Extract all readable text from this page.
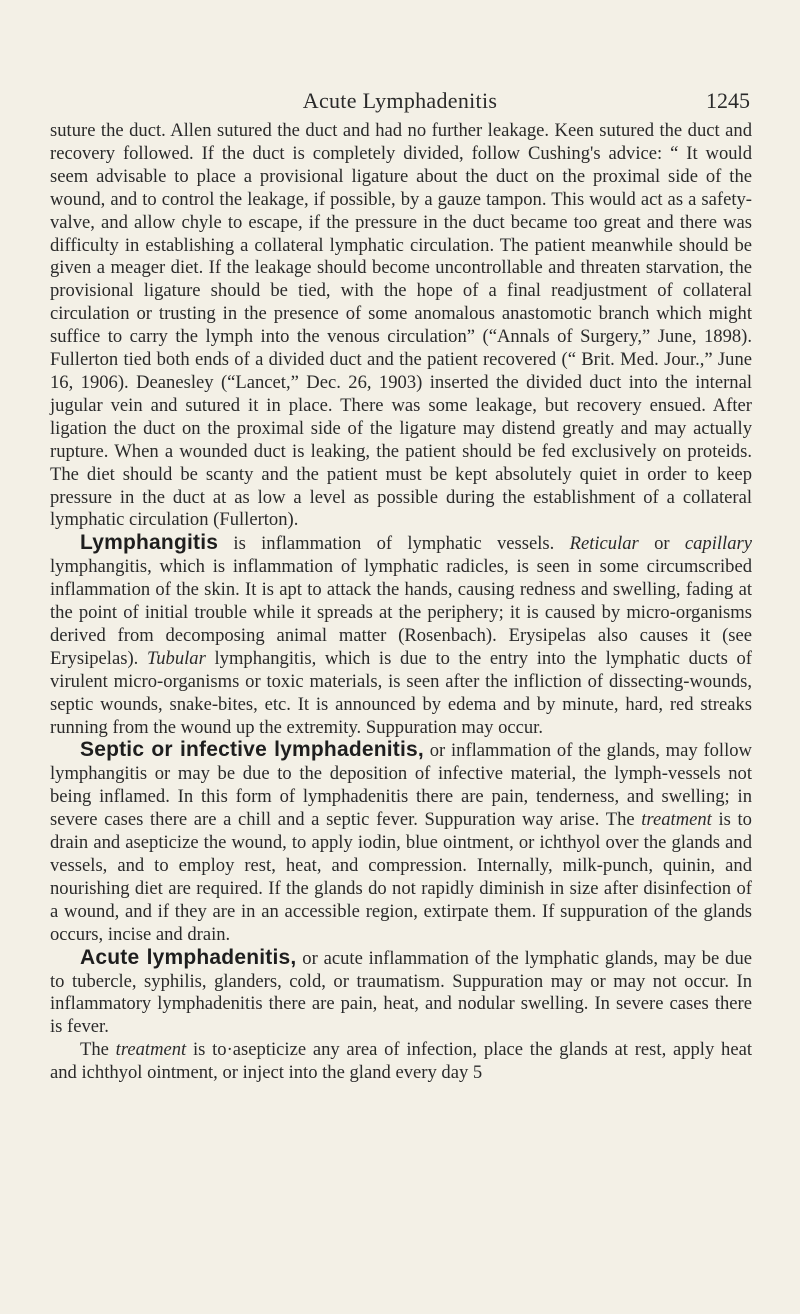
Acute Lymphadenitis	1245

suture the duct. Allen sutured the duct and had no further leakage. Keen sutured the duct and recovery followed. If the duct is completely divided, follow Cushing's advice: “ It would seem advisable to place a provisional ligature about the duct on the proximal side of the wound, and to control the leakage, if possible, by a gauze tampon. This would act as a safety-valve, and allow chyle to escape, if the pressure in the duct became too great and there was difficulty in establishing a collateral lymphatic circulation. The patient meanwhile should be given a meager diet. If the leakage should become uncontrollable and threaten starvation, the provisional ligature should be tied, with the hope of a final readjustment of collateral circulation or trusting in the presence of some anomalous anastomotic branch which might suffice to carry the lymph into the venous circulation” (“Annals of Surgery,” June, 1898). Fullerton tied both ends of a divided duct and the patient recovered (“ Brit. Med. Jour.,” June 16, 1906). Deanesley (“Lancet,” Dec. 26, 1903) inserted the divided duct into the internal jugular vein and sutured it in place. There was some leakage, but recovery ensued. After ligation the duct on the proximal side of the ligature may distend greatly and may actually rupture. When a wounded duct is leaking, the patient should be fed exclusively on proteids. The diet should be scanty and the patient must be kept absolutely quiet in order to keep pressure in the duct at as low a level as possible during the establishment of a collateral lymphatic circulation (Fullerton).

Lymphangitis is inflammation of lymphatic vessels. Reticular or capillary lymphangitis, which is inflammation of lymphatic radicles, is seen in some circumscribed inflammation of the skin. It is apt to attack the hands, causing redness and swelling, fading at the point of initial trouble while it spreads at the periphery; it is caused by micro-organisms derived from decomposing animal matter (Rosenbach). Erysipelas also causes it (see Erysipelas). Tubular lymphangitis, which is due to the entry into the lymphatic ducts of virulent micro-organisms or toxic materials, is seen after the infliction of dissecting-wounds, septic wounds, snake-bites, etc. It is announced by edema and by minute, hard, red streaks running from the wound up the extremity. Suppuration may occur.

Septic or infective lymphadenitis, or inflammation of the glands, may follow lymphangitis or may be due to the deposition of infective material, the lymph-vessels not being inflamed. In this form of lymphadenitis there are pain, tenderness, and swelling; in severe cases there are a chill and a septic fever. Suppuration way arise. The treatment is to drain and asepticize the wound, to apply iodin, blue ointment, or ichthyol over the glands and vessels, and to employ rest, heat, and compression. Internally, milk-punch, quinin, and nourishing diet are required. If the glands do not rapidly diminish in size after disinfection of a wound, and if they are in an accessible region, extirpate them. If suppuration of the glands occurs, incise and drain.

Acute lymphadenitis, or acute inflammation of the lymphatic glands, may be due to tubercle, syphilis, glanders, cold, or traumatism. Suppuration may or may not occur. In inflammatory lymphadenitis there are pain, heat, and nodular swelling. In severe cases there is fever.

The treatment is to·asepticize any area of infection, place the glands at rest, apply heat and ichthyol ointment, or inject into the gland every day 5
